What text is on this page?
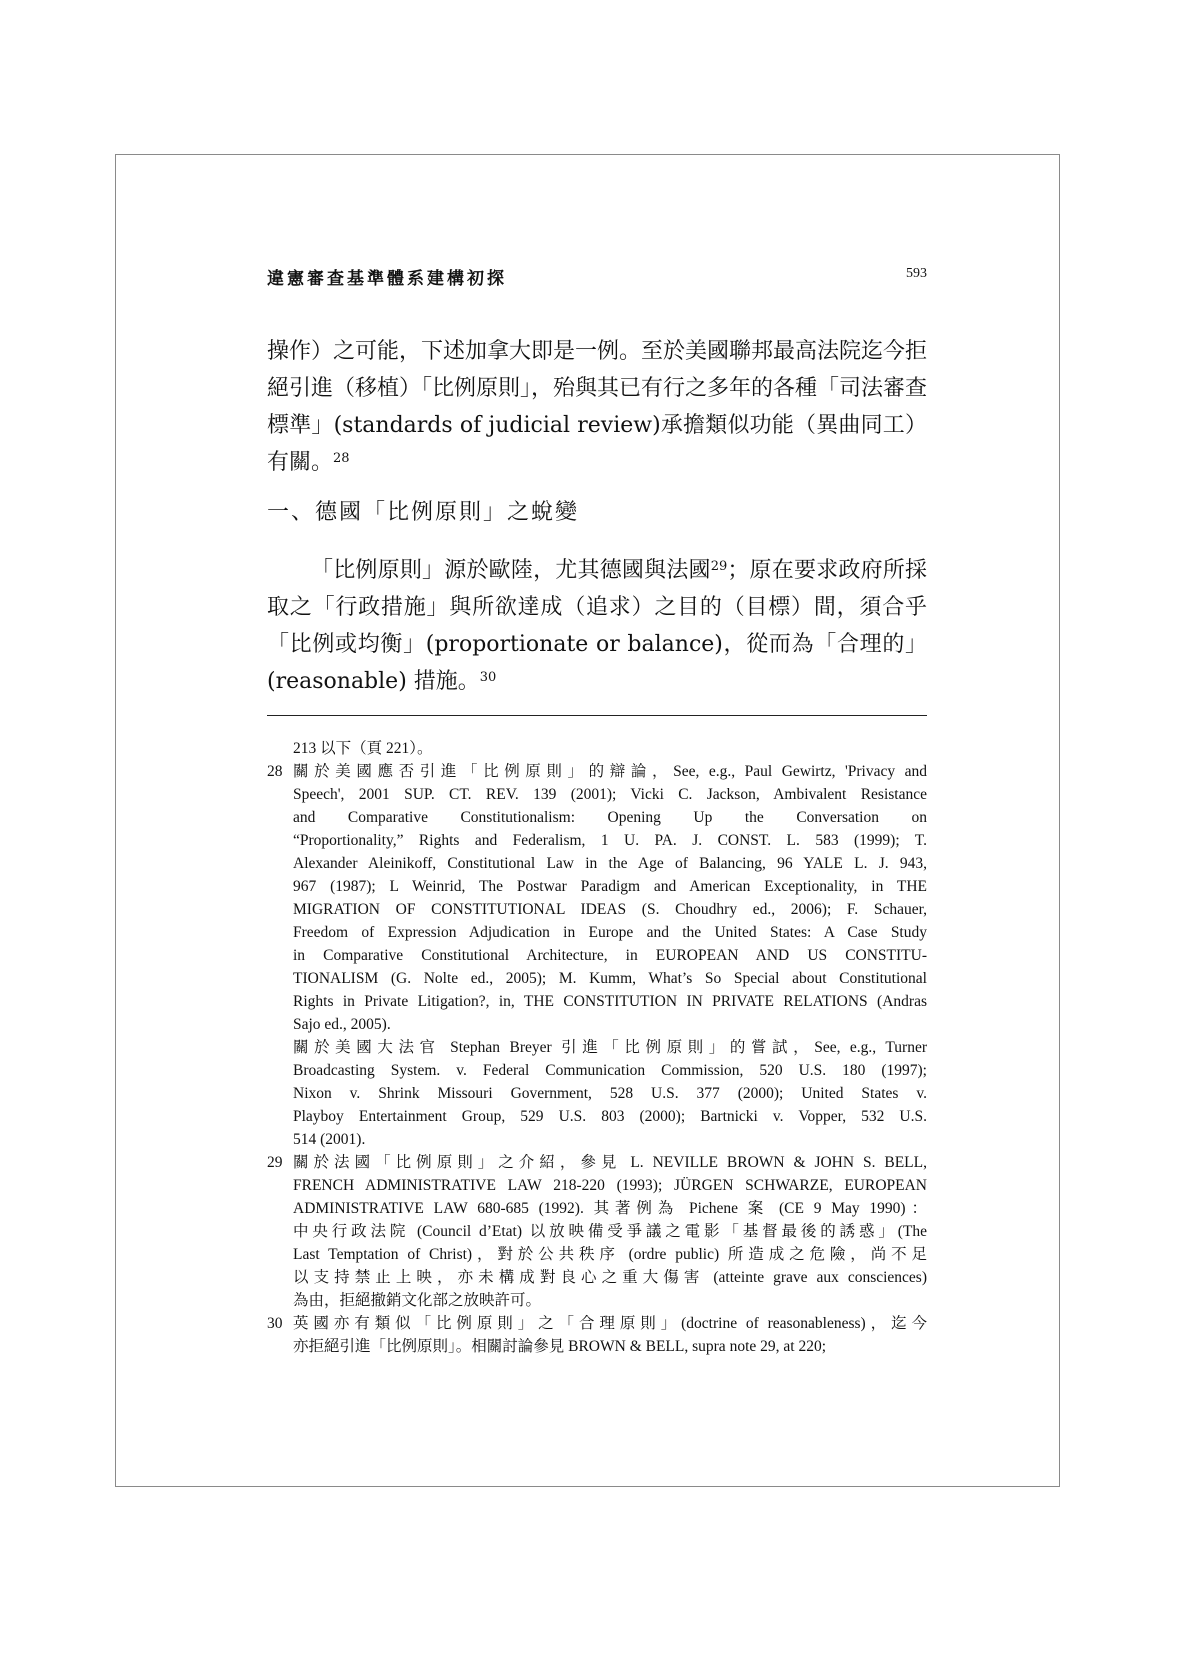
違憲審查基準體系建構初探	593
操作）之可能，下述加拿大即是一例。至於美國聯邦最高法院迄今拒絕引進（移植）「比例原則」，殆與其已有行之多年的各種「司法審查標準」(standards of judicial review)承擔類似功能（異曲同工）有關。$^{28}$
一、德國「比例原則」之蛻變
「比例原則」源於歐陸，尤其德國與法國$^{29}$；原在要求政府所採取之「行政措施」與所欲達成（追求）之目的（目標）間，須合乎「比例或均衡」(proportionate or balance)，從而為「合理的」(reasonable) 措施。$^{30}$
213 以下（頁 221）。
28 關於美國應否引進「比例原則」的辯論，See, e.g., Paul Gewirtz, 'Privacy and
Speech', 2001 SUP. CT. REV. 139 (2001); Vicki C. Jackson, Ambivalent Resistance
and Comparative Constitutionalism: Opening Up the Conversation on
“Proportionality,” Rights and Federalism, 1 U. PA. J. CONST. L. 583 (1999); T.
Alexander Aleinikoff, Constitutional Law in the Age of Balancing, 96 YALE L. J. 943,
967 (1987); L Weinrid, The Postwar Paradigm and American Exceptionality, in THE
MIGRATION OF CONSTITUTIONAL IDEAS (S. Choudhry ed., 2006); F. Schauer,
Freedom of Expression Adjudication in Europe and the United States: A Case Study
in Comparative Constitutional Architecture, in EUROPEAN AND US CONSTITU-
TIONALISM (G. Nolte ed., 2005); M. Kumm, What’s So Special about Constitutional
Rights in Private Litigation?, in, THE CONSTITUTION IN PRIVATE RELATIONS (Andras
Sajo ed., 2005).
關於美國大法官 Stephan Breyer 引進「比例原則」的嘗試，See, e.g., Turner
Broadcasting System. v. Federal Communication Commission, 520 U.S. 180 (1997);
Nixon v. Shrink Missouri Government, 528 U.S. 377 (2000); United States v.
Playboy Entertainment Group, 529 U.S. 803 (2000); Bartnicki v. Vopper, 532 U.S.
514 (2001).
29 關於法國「比例原則」之介紹，參見 L. NEVILLE BROWN & JOHN S. BELL,
FRENCH ADMINISTRATIVE LAW 218-220 (1993); JÜRGEN SCHWARZE, EUROPEAN
ADMINISTRATIVE LAW 680-685 (1992). 其著例為 Pichene 案 (CE 9 May 1990)：
中央行政法院 (Council d’Etat) 以放映備受爭議之電影「基督最後的誘惑」(The
Last Temptation of Christ)，對於公共秩序 (ordre public) 所造成之危險，尚不足
以支持禁止上映，亦未構成對良心之重大傷害 (atteinte grave aux consciences)
為由，拒絕撤銷文化部之放映許可。
30 英國亦有類似「比例原則」之「合理原則」(doctrine of reasonableness)，迄今
亦拒絕引進「比例原則」。相關討論參見 BROWN & BELL, supra note 29, at 220;
